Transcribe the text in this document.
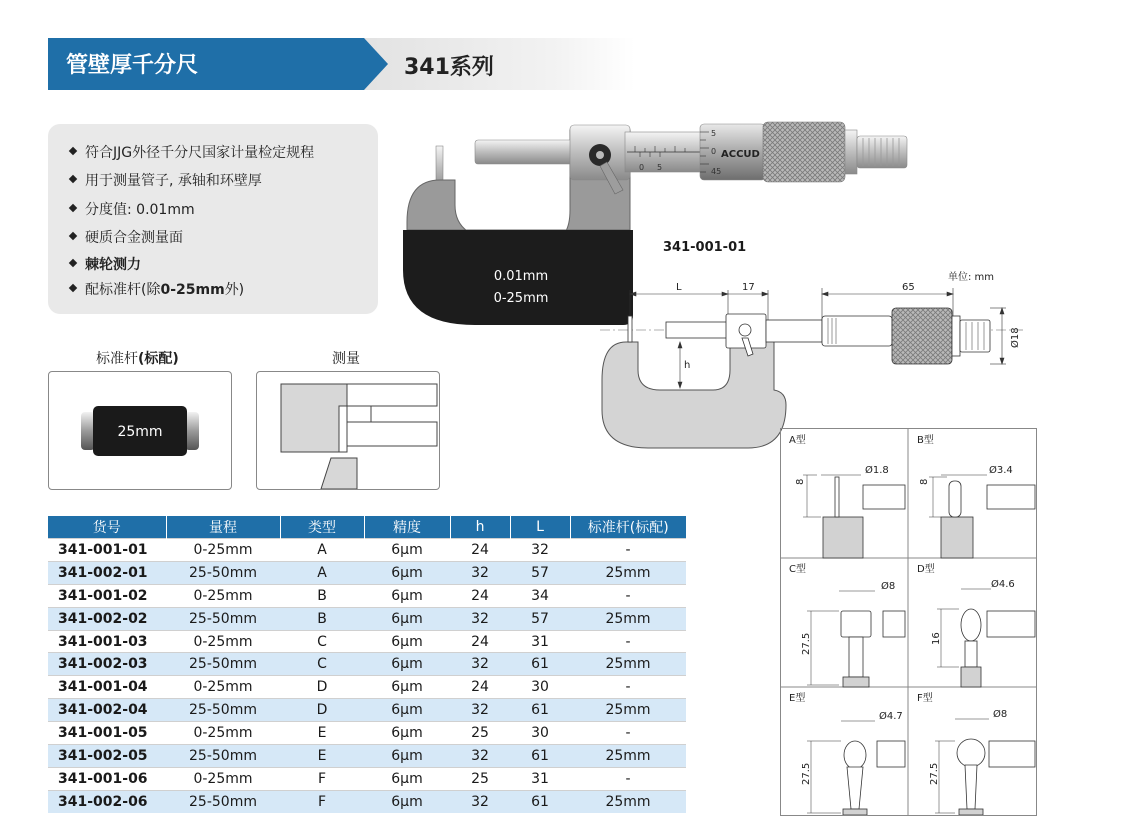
管壁厚千分尺	341系列
符合JJG外径千分尺国家计量检定规程
用于测量管子, 承轴和环壁厚
分度值: 0.01mm
硬质合金测量面
棘轮测力
配标准杆(除0-25mm外)
0.01mm
0-25mm
0 5
5
0
45
ACCUD
341-001-01
L	17	65
单位: mm
h
Ø18
标准杆(标配)
25mm
测量
A型	B型
C型	D型
E型	F型
Ø1.8
8
Ø3.4
8
Ø8
27.5
Ø4.6
16
Ø4.7
27.5
Ø8
27.5
货号	量程	类型	精度	h	L	标准杆(标配)
341-001-01	0-25mm	A	6μm	24	32	-
341-002-01	25-50mm	A	6μm	32	57	25mm
341-001-02	0-25mm	B	6μm	24	34	-
341-002-02	25-50mm	B	6μm	32	57	25mm
341-001-03	0-25mm	C	6μm	24	31	-
341-002-03	25-50mm	C	6μm	32	61	25mm
341-001-04	0-25mm	D	6μm	24	30	-
341-002-04	25-50mm	D	6μm	32	61	25mm
341-001-05	0-25mm	E	6μm	25	30	-
341-002-05	25-50mm	E	6μm	32	61	25mm
341-001-06	0-25mm	F	6μm	25	31	-
341-002-06	25-50mm	F	6μm	32	61	25mm
